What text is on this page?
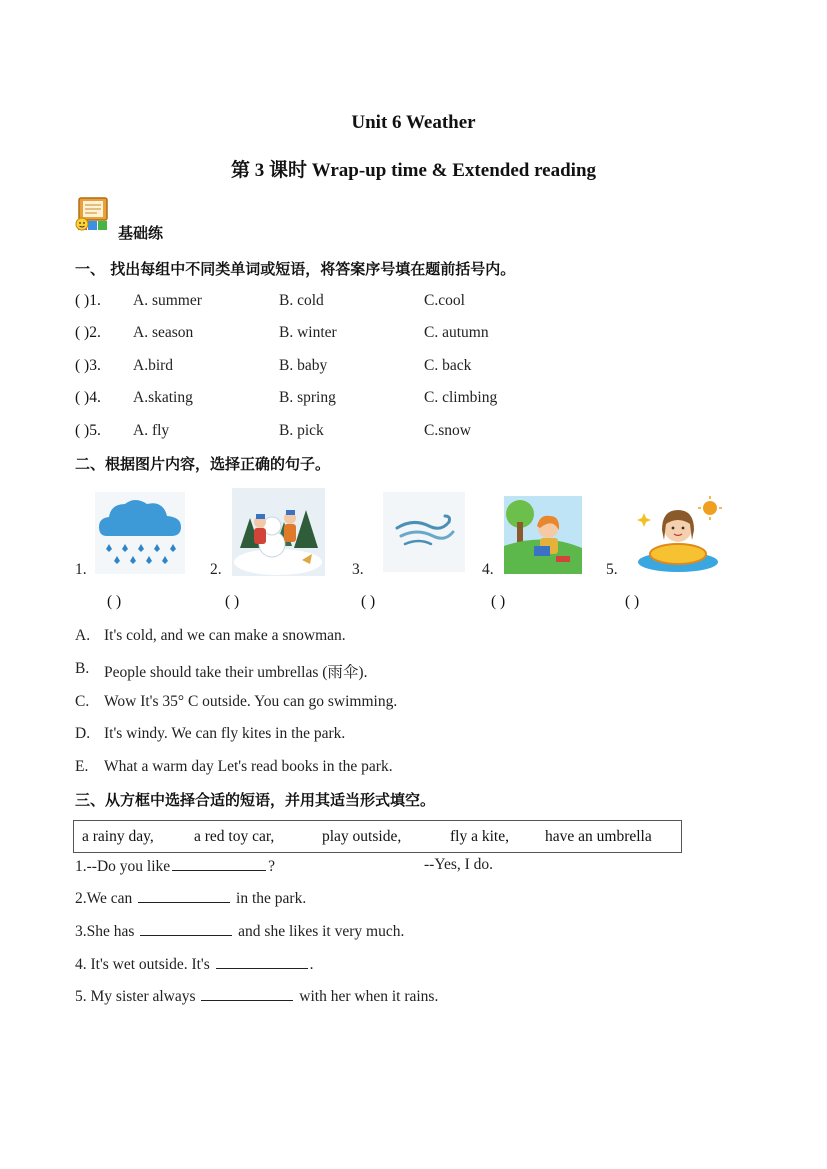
Unit 6 Weather
第 3 课时 Wrap-up time & Extended reading
基础练
一、 找出每组中不同类单词或短语，将答案序号填在题前括号内。
( )1. A. summer	B. cold	C.cool
( )2. A. season	B. winter	C. autumn
( )3. A.bird	B. baby	C. back
( )4. A.skating	B. spring	C. climbing
( )5. A. fly	B. pick	C.snow
二、根据图片内容，选择正确的句子。
1.
( )
2.
( )
3.
( )
4.
( )
5.
( )
A. It's cold, and we can make a snowman.
B. People should take their umbrellas (雨伞).
C. Wow It's 35° C outside. You can go swimming.
D. It's windy. We can fly kites in the park.
E. What a warm day Let's read books in the park.
三、从方框中选择合适的短语，并用其适当形式填空。
a rainy day,	a red toy car,	play outside,	fly a kite, have an umbrella
1.--Do you like	?	--Yes, I do.
2.We can	in the park.
3.She has	and she likes it very much.
4. It's wet outside. It's	.
5. My sister always	with her when it rains.
